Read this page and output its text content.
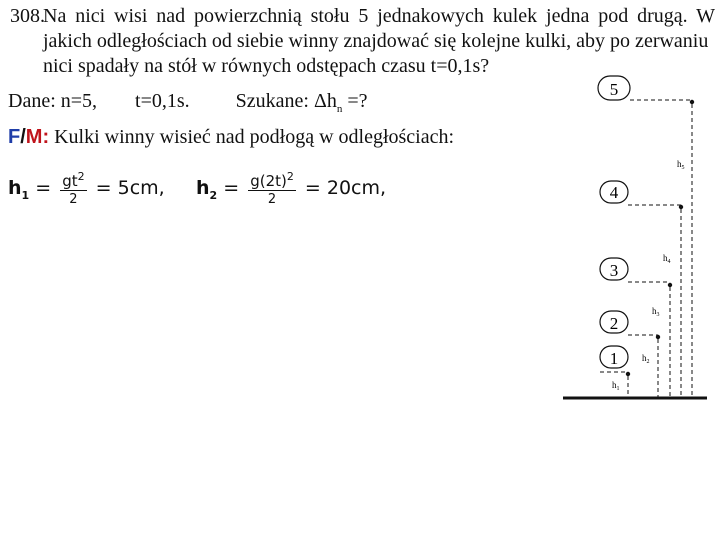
308.
Na nici wisi nad powierzchnią stołu 5 jednakowych kulek jedna pod drugą. W
jakich odległościach od siebie winny znajdować się kolejne kulki, aby po zerwaniu
nici spadały na stół w równych odstępach czasu t=0,1s?
Dane: n=5, t=0,1s. Szukane: $\Delta h_n$ =?
F/M: Kulki winny wisieć nad podłogą w odległościach:
$h_1 = \frac{gt^2}{2} = 5cm$, $h_2 = \frac{g(2t)^2}{2} = 20cm$,
5
$h_5$
4
$h_4$
3
$h_3$
2
$h_2$
1
$h_1$
